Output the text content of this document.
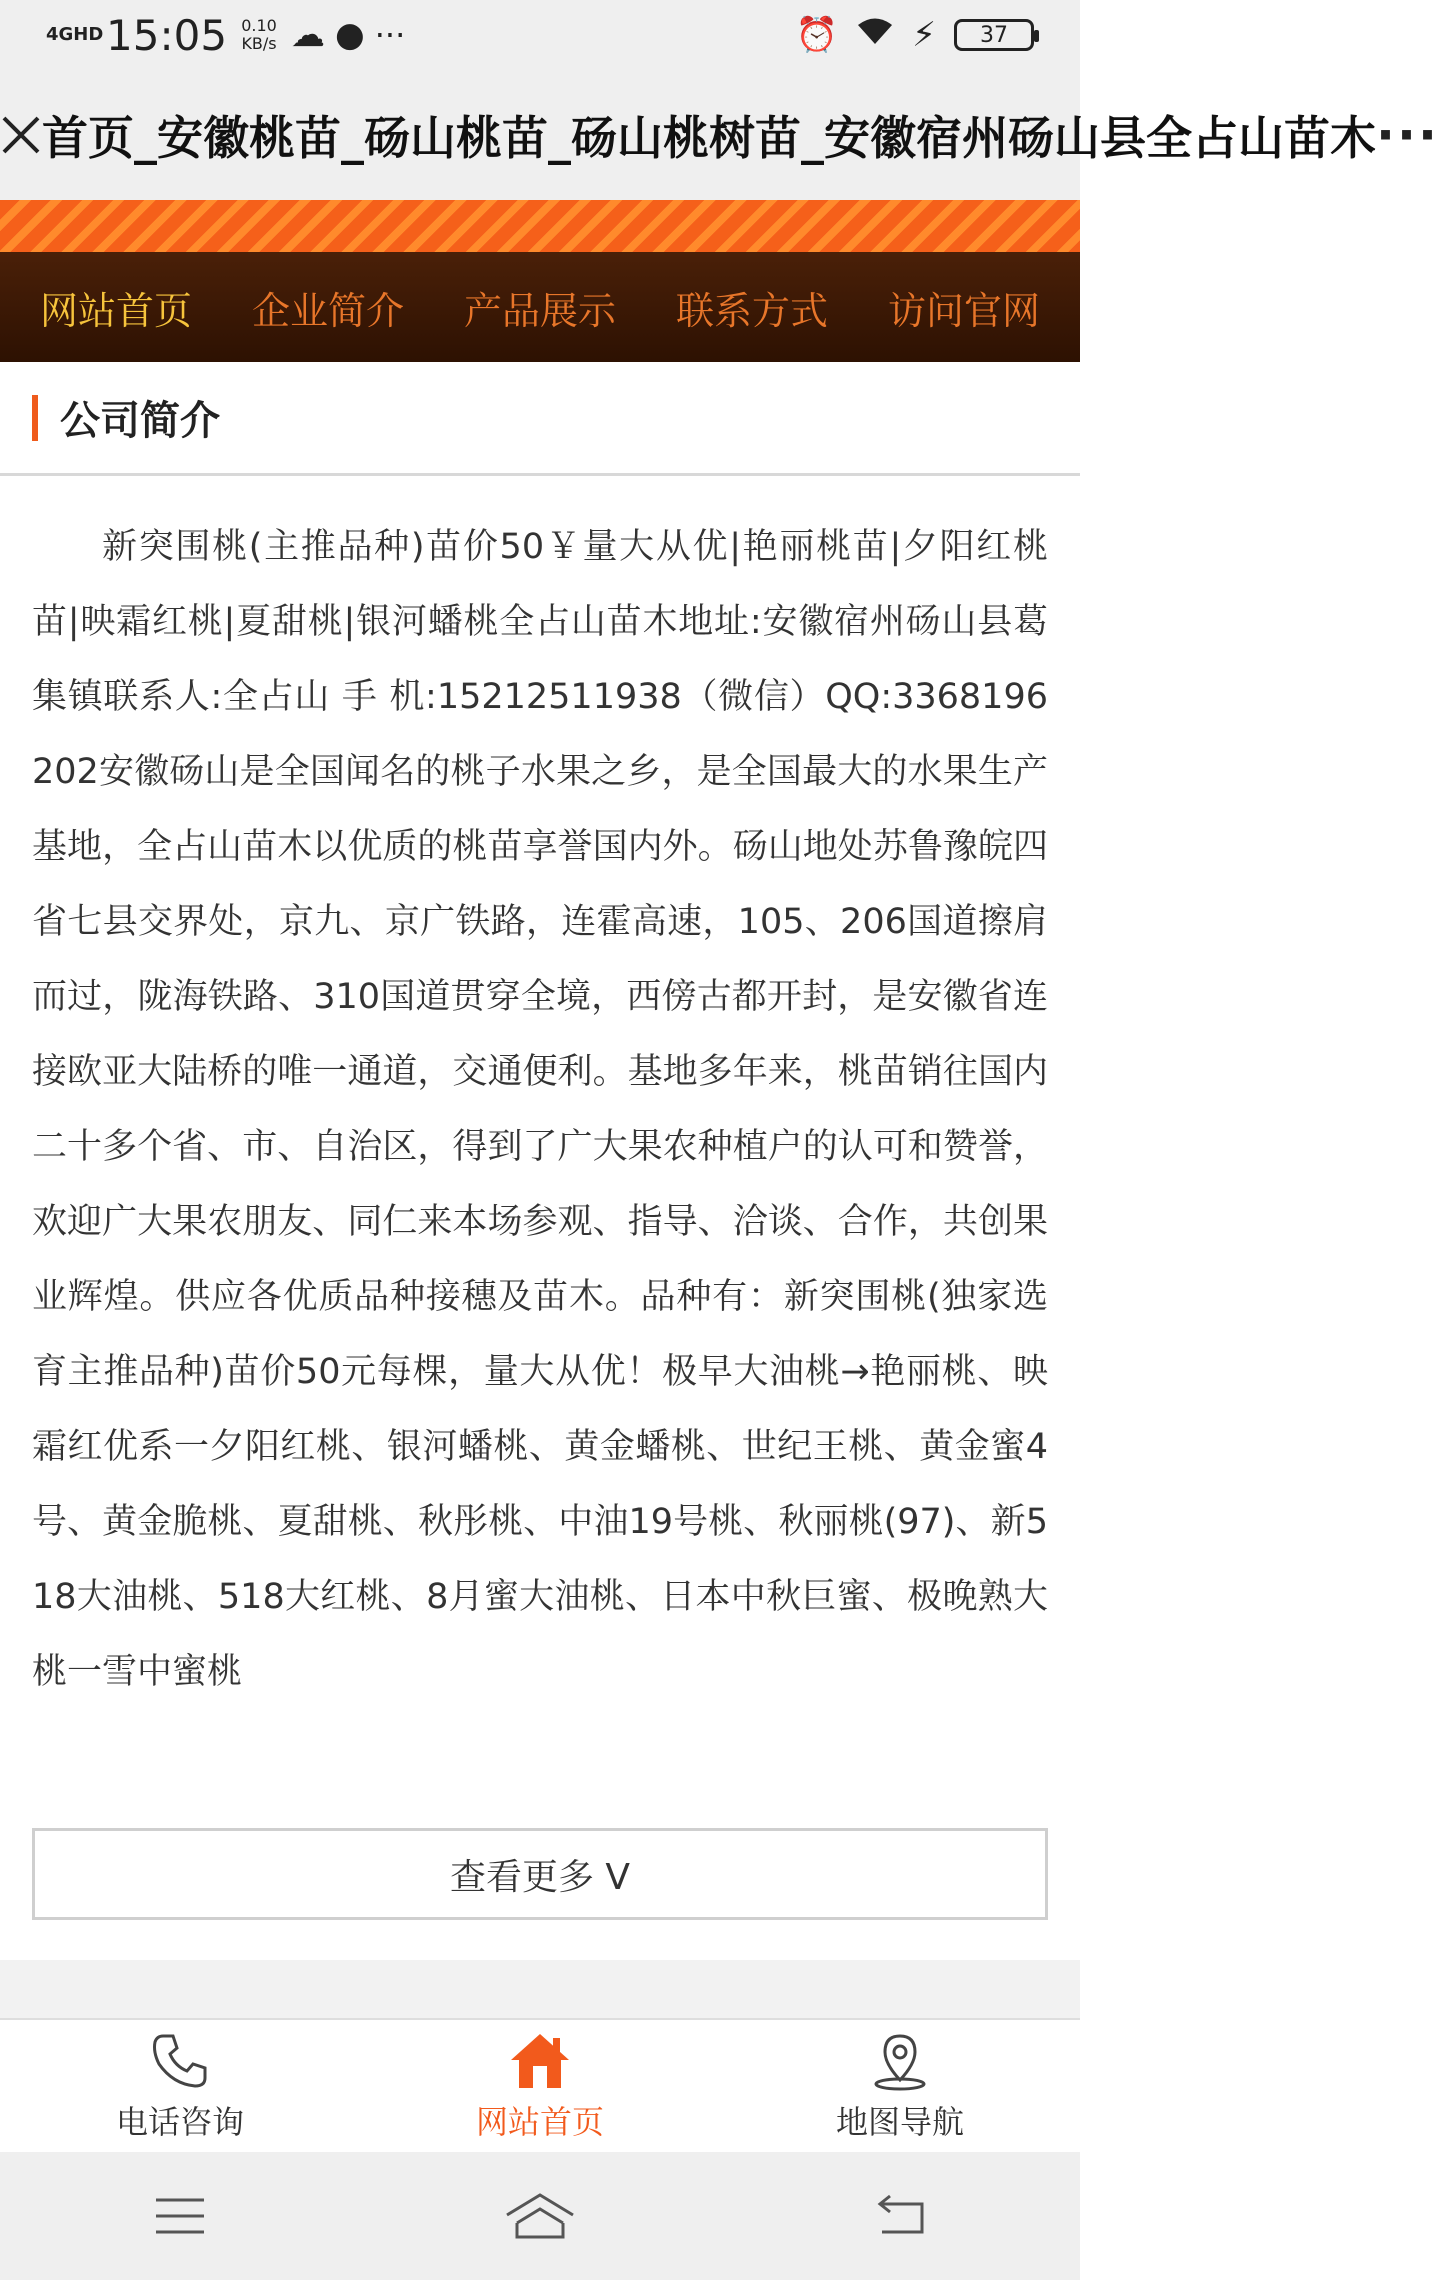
4GHD 15:05 0.10
KB/s ☁ ● ···	⏰ ⚡	37
首页_安徽桃苗_砀山桃苗_砀山桃树苗_安徽宿州砀山县全占山苗木 ···
网站首页 企业简介 产品展示 联系方式 访问官网
公司简介

新突围桃(主推品种)苗价50￥量大从优|艳丽桃苗|夕阳红桃苗|映霜红桃|夏甜桃|银河蟠桃全占山苗木地址:安徽宿州砀山县葛集镇联系人:全占山 手 机:15212511938（微信）QQ:3368196202安徽砀山是全国闻名的桃子水果之乡，是全国最大的水果生产基地，全占山苗木以优质的桃苗享誉国内外。砀山地处苏鲁豫皖四省七县交界处，京九、京广铁路，连霍高速，105、206国道擦肩而过，陇海铁路、310国道贯穿全境，西傍古都开封，是安徽省连接欧亚大陆桥的唯一通道，交通便利。基地多年来，桃苗销往国内二十多个省、市、自治区，得到了广大果农种植户的认可和赞誉，欢迎广大果农朋友、同仁来本场参观、指导、洽谈、合作，共创果业辉煌。供应各优质品种接穗及苗木。品种有：新突围桃(独家选育主推品种)苗价50元每棵，量大从优！极早大油桃→艳丽桃、映霜红优系一夕阳红桃、银河蟠桃、黄金蟠桃、世纪王桃、黄金蜜4号、黄金脆桃、夏甜桃、秋彤桃、中油19号桃、秋丽桃(97)、新518大油桃、518大红桃、8月蜜大油桃、日本中秋巨蜜、极晚熟大桃一雪中蜜桃

查看更多 V
电话咨询	网站首页	地图导航
